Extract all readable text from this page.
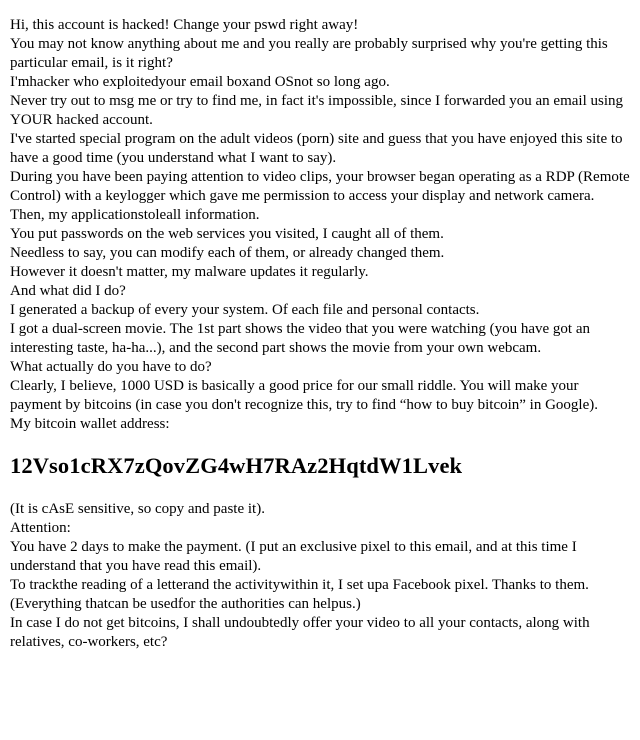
Hi, this account is hacked! Change your pswd right away!
You may not know anything about me and you really are probably surprised why you're getting this particular email, is it right?
I'mhacker who exploitedyour email boxand OSnot so long ago.
Never try out to msg me or try to find me, in fact it's impossible, since I forwarded you an email using YOUR hacked account.
I've started special program on the adult videos (porn) site and guess that you have enjoyed this site to have a good time (you understand what I want to say).
During you have been paying attention to video clips, your browser began operating as a RDP (Remote Control) with a keylogger which gave me permission to access your display and network camera.
Then, my applicationstoleall information.
You put passwords on the web services you visited, I caught all of them.
Needless to say, you can modify each of them, or already changed them.
However it doesn't matter, my malware updates it regularly.
And what did I do?
I generated a backup of every your system. Of each file and personal contacts.
I got a dual-screen movie. The 1st part shows the video that you were watching (you have got an interesting taste, ha-ha...), and the second part shows the movie from your own webcam.
What actually do you have to do?
Clearly, I believe, 1000 USD is basically a good price for our small riddle. You will make your payment by bitcoins (in case you don't recognize this, try to find “how to buy bitcoin” in Google).
My bitcoin wallet address:
12Vso1cRX7zQovZG4wH7RAz2HqtdW1Lvek
(It is cAsE sensitive, so copy and paste it).
Attention:
You have 2 days to make the payment. (I put an exclusive pixel to this email, and at this time I understand that you have read this email).
To trackthe reading of a letterand the activitywithin it, I set upa Facebook pixel. Thanks to them. (Everything thatcan be usedfor the authorities can helpus.)
In case I do not get bitcoins, I shall undoubtedly offer your video to all your contacts, along with relatives, co-workers, etc?
